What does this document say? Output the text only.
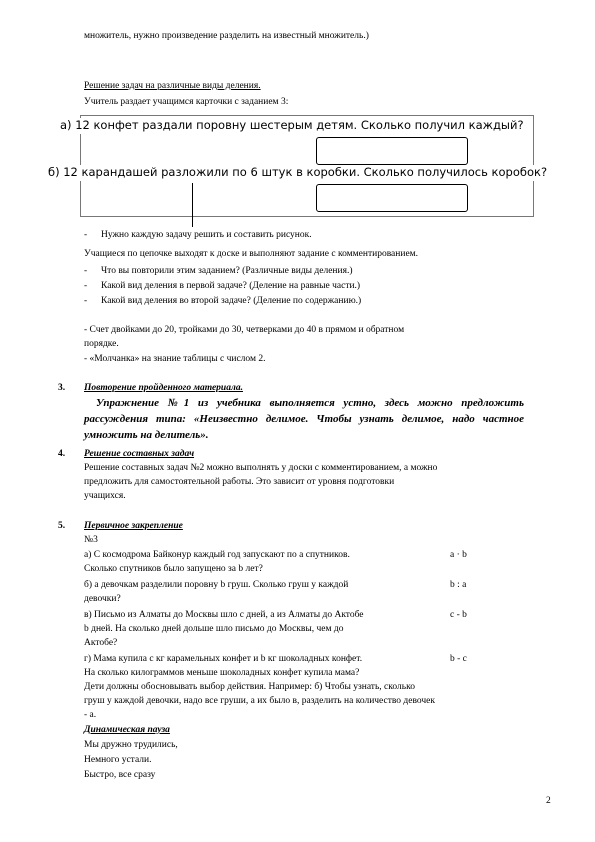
множитель, нужно произведение разделить на известный множитель.)
Решение задач на различные виды деления.
Учитель раздает учащимся карточки с заданием 3:
а) 12 конфет раздали поровну шестерым детям. Сколько получил каждый?
б) 12 карандашей разложили по 6 штук в коробки. Сколько получилось коробок?
- Нужно каждую задачу решить и составить рисунок.
Учащиеся по цепочке выходят к доске и выполняют задание с комментированием.
- Что вы повторили этим заданием? (Различные виды деления.)
- Какой вид деления в первой задаче? (Деление на равные части.)
- Какой вид деления во второй задаче? (Деление по содержанию.)
- Счет двойками до 20, тройками до 30, четверками до 40 в прямом и обратном
порядке.
- «Молчанка» на знание таблицы с числом 2.
3. Повторение пройденного материала.
Упражнение №1 из учебника выполняется устно, здесь можно предложить рассуждения типа: «Неизвестно делимое. Чтобы узнать делимое, надо частное умножить на делитель».
4. Решение составных задач
Решение составных задач №2 можно выполнять у доски с комментированием, а можно
предложить для самостоятельной работы. Это зависит от уровня подготовки
учащихся.
5. Первичное закрепление
№3
а) С космодрома Байконур каждый год запускают по a спутников.	a · b
Сколько спутников было запущено за b лет?
б) a девочкам разделили поровну b груш. Сколько груш у каждой	b : a
девочки?
в) Письмо из Алматы до Москвы шло c дней, а из Алматы до Актобе	c - b
b дней. На сколько дней дольше шло письмо до Москвы, чем до
Актобе?
г) Мама купила c кг карамельных конфет и b кг шоколадных конфет.	b - c
На сколько килограммов меньше шоколадных конфет купила мама?
Дети должны обосновывать выбор действия. Например: б) Чтобы узнать, сколько
груш у каждой девочки, надо все груши, а их было в, разделить на количество девочек
- а.
Динамическая пауза
Мы дружно трудились,
Немного устали.
Быстро, все сразу
2
